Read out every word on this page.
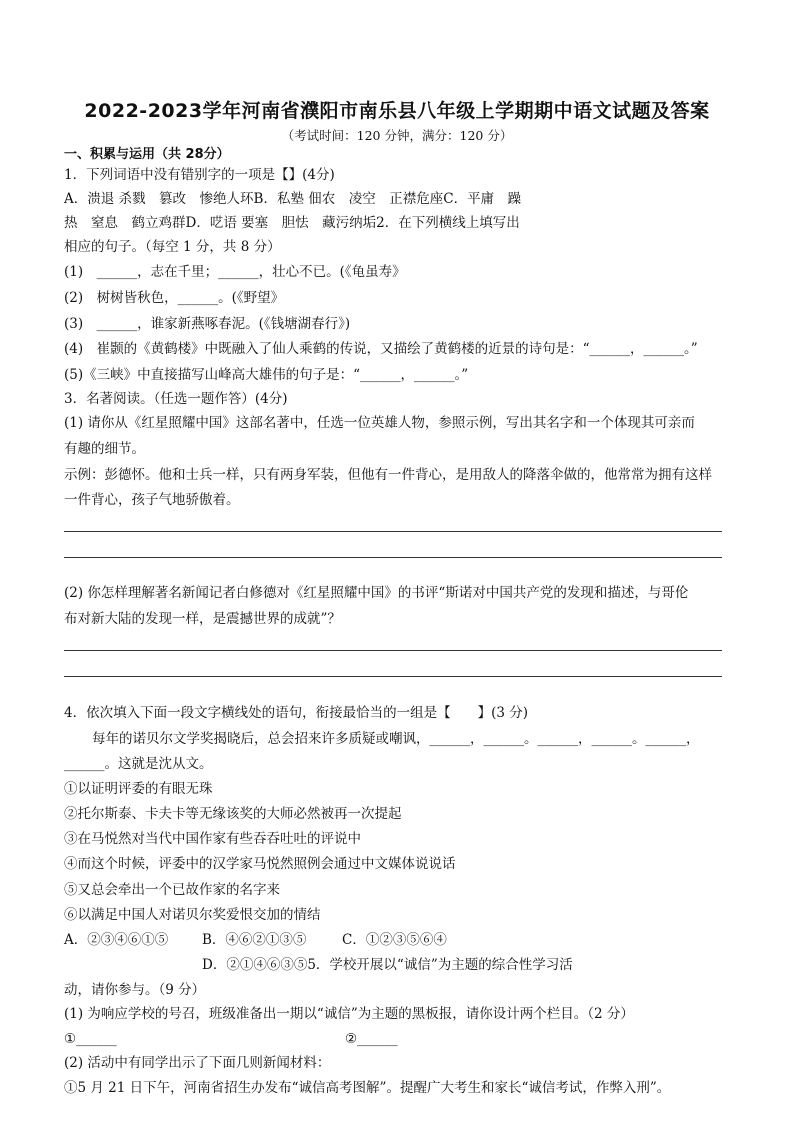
2022-2023学年河南省濮阳市南乐县八年级上学期期中语文试题及答案
（考试时间：120 分钟，满分：120 分）
一、积累与运用（共 28分）
1．下列词语中没有错别字的一项是【】(4分)
A．溃退 杀戮　篡改　惨绝人环B．私塾 佃农　凌空　正襟危座C．平庸　躁
热　窒息　鹤立鸡群D．呓语 要塞　胆怯　藏污纳垢2．在下列横线上填写出
相应的句子。（每空 1 分，共 8 分）
(1)　______，志在千里；______，壮心不已。(《龟虽寿》
(2)　树树皆秋色，______。(《野望》
(3)　______，谁家新燕啄春泥。(《钱塘湖春行》)
(4)　崔颢的《黄鹤楼》中既融入了仙人乘鹤的传说，又描绘了黄鹤楼的近景的诗句是：“______，______。”
(5)《三峡》中直接描写山峰高大雄伟的句子是：“______，______。”
3．名著阅读。（任选一题作答）(4分)
(1) 请你从《红星照耀中国》这部名著中，任选一位英雄人物，参照示例，写出其名字和一个体现其可亲而
有趣的细节。
示例：彭德怀。他和士兵一样，只有两身军装，但他有一件背心，是用敌人的降落伞做的，他常常为拥有这样
一件背心，孩子气地骄傲着。
(2) 你怎样理解著名新闻记者白修德对《红星照耀中国》的书评“斯诺对中国共产党的发现和描述，与哥伦
布对新大陆的发现一样，是震撼世界的成就”？
4．依次填入下面一段文字横线处的语句，衔接最恰当的一组是【　　】(3 分)
每年的诺贝尔文学奖揭晓后，总会招来许多质疑或嘲讽，______，______。______，______。______，
______。这就是沈从文。
①以证明评委的有眼无珠
②托尔斯泰、卡夫卡等无缘该奖的大师必然被再一次提起
③在马悦然对当代中国作家有些吞吞吐吐的评说中
④而这个时候，评委中的汉学家马悦然照例会通过中文媒体说说话
⑤又总会牵出一个已故作家的名字来
⑥以满足中国人对诺贝尔奖爱恨交加的情结
A．②③④⑥①⑤	B．④⑥②①③⑤	C．①②③⑤⑥④
D．②①④⑥③⑤5．学校开展以“诚信”为主题的综合性学习活
动，请你参与。（9 分）
(1) 为响应学校的号召，班级准备出一期以“诚信”为主题的黑板报，请你设计两个栏目。（2 分）
①______	②______
(2) 活动中有同学出示了下面几则新闻材料：
①5 月 21 日下午，河南省招生办发布“诚信高考图解”。提醒广大考生和家长“诚信考试，作弊入刑”。
